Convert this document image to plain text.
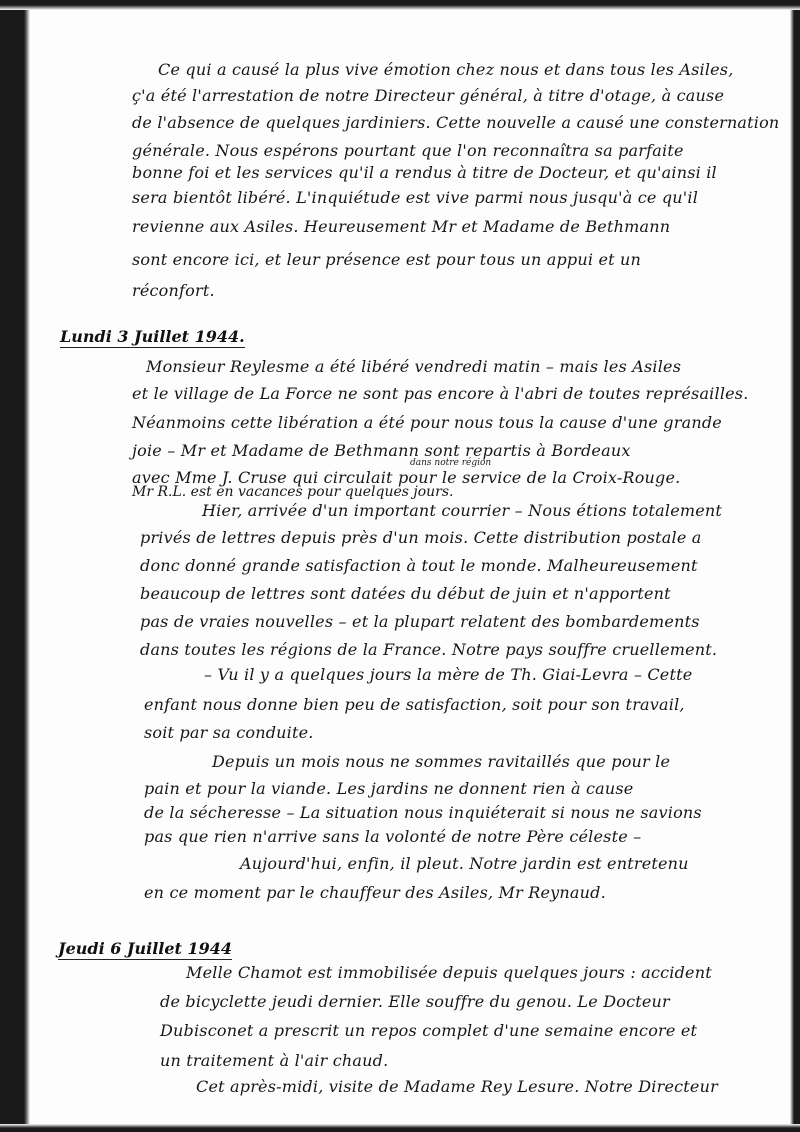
Ce qui a causé la plus vive émotion chez nous et dans tous les Asiles,
ç'a été l'arrestation de notre Directeur général, à titre d'otage, à cause
de l'absence de quelques jardiniers. Cette nouvelle a causé une consternation
générale. Nous espérons pourtant que l'on reconnaîtra sa parfaite
bonne foi et les services qu'il a rendus à titre de Docteur, et qu'ainsi il
sera bientôt libéré. L'inquiétude est vive parmi nous jusqu'à ce qu'il
revienne aux Asiles. Heureusement Mr et Madame de Bethmann
sont encore ici, et leur présence est pour tous un appui et un
réconfort.
Lundi 3 Juillet 1944.
Monsieur Reylesme a été libéré vendredi matin – mais les Asiles
et le village de La Force ne sont pas encore à l'abri de toutes représailles.
Néanmoins cette libération a été pour nous tous la cause d'une grande
joie – Mr et Madame de Bethmann sont repartis à Bordeaux
dans notre région
avec Mme J. Cruse qui circulait pour le service de la Croix-Rouge.
Mr R.L. est en vacances pour quelques jours.
Hier, arrivée d'un important courrier – Nous étions totalement
privés de lettres depuis près d'un mois. Cette distribution postale a
donc donné grande satisfaction à tout le monde. Malheureusement
beaucoup de lettres sont datées du début de juin et n'apportent
pas de vraies nouvelles – et la plupart relatent des bombardements
dans toutes les régions de la France. Notre pays souffre cruellement.
– Vu il y a quelques jours la mère de Th. Giai-Levra – Cette
enfant nous donne bien peu de satisfaction, soit pour son travail,
soit par sa conduite.
Depuis un mois nous ne sommes ravitaillés que pour le
pain et pour la viande. Les jardins ne donnent rien à cause
de la sécheresse – La situation nous inquiéterait si nous ne savions
pas que rien n'arrive sans la volonté de notre Père céleste –
Aujourd'hui, enfin, il pleut. Notre jardin est entretenu
en ce moment par le chauffeur des Asiles, Mr Reynaud.
Jeudi 6 Juillet 1944
Melle Chamot est immobilisée depuis quelques jours : accident
de bicyclette jeudi dernier. Elle souffre du genou. Le Docteur
Dubisconet a prescrit un repos complet d'une semaine encore et
un traitement à l'air chaud.
Cet après-midi, visite de Madame Rey Lesure. Notre Directeur
